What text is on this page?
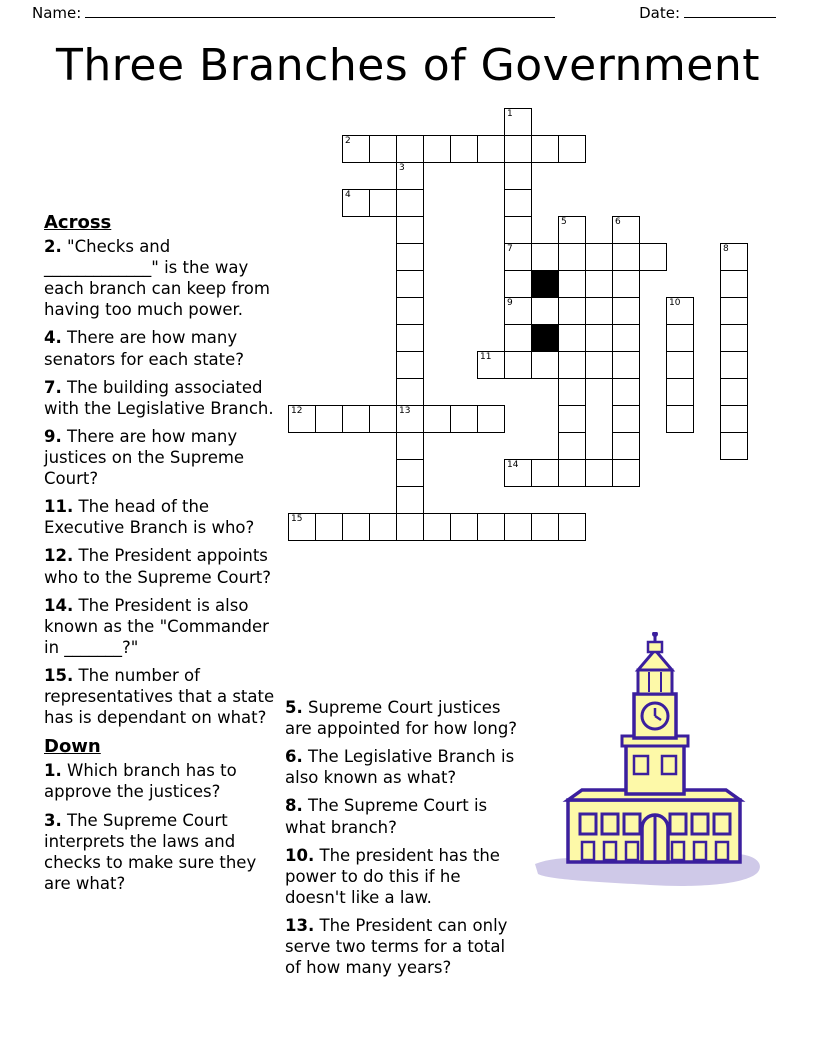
Name:	Date:
Three Branches of Government
Across

2. "Checks and _____________" is the way each branch can keep from having too much power.

4. There are how many senators for each state?

7. The building associated with the Legislative Branch.

9. There are how many justices on the Supreme Court?

11. The head of the Executive Branch is who?

12. The President appoints who to the Supreme Court?

14. The President is also known as the "Commander in _______?"

15. The number of representatives that a state has is dependant on what?

Down

1. Which branch has to approve the justices?

3. The Supreme Court interprets the laws and checks to make sure they are what?

5. Supreme Court justices are appointed for how long?

6. The Legislative Branch is also known as what?

8. The Supreme Court is what branch?

10. The president has the power to do this if he doesn't like a law.

13. The President can only serve two terms for a total of how many years?

1
2
3
4
5	6
7	8
9	10
11
12	13
14
15
